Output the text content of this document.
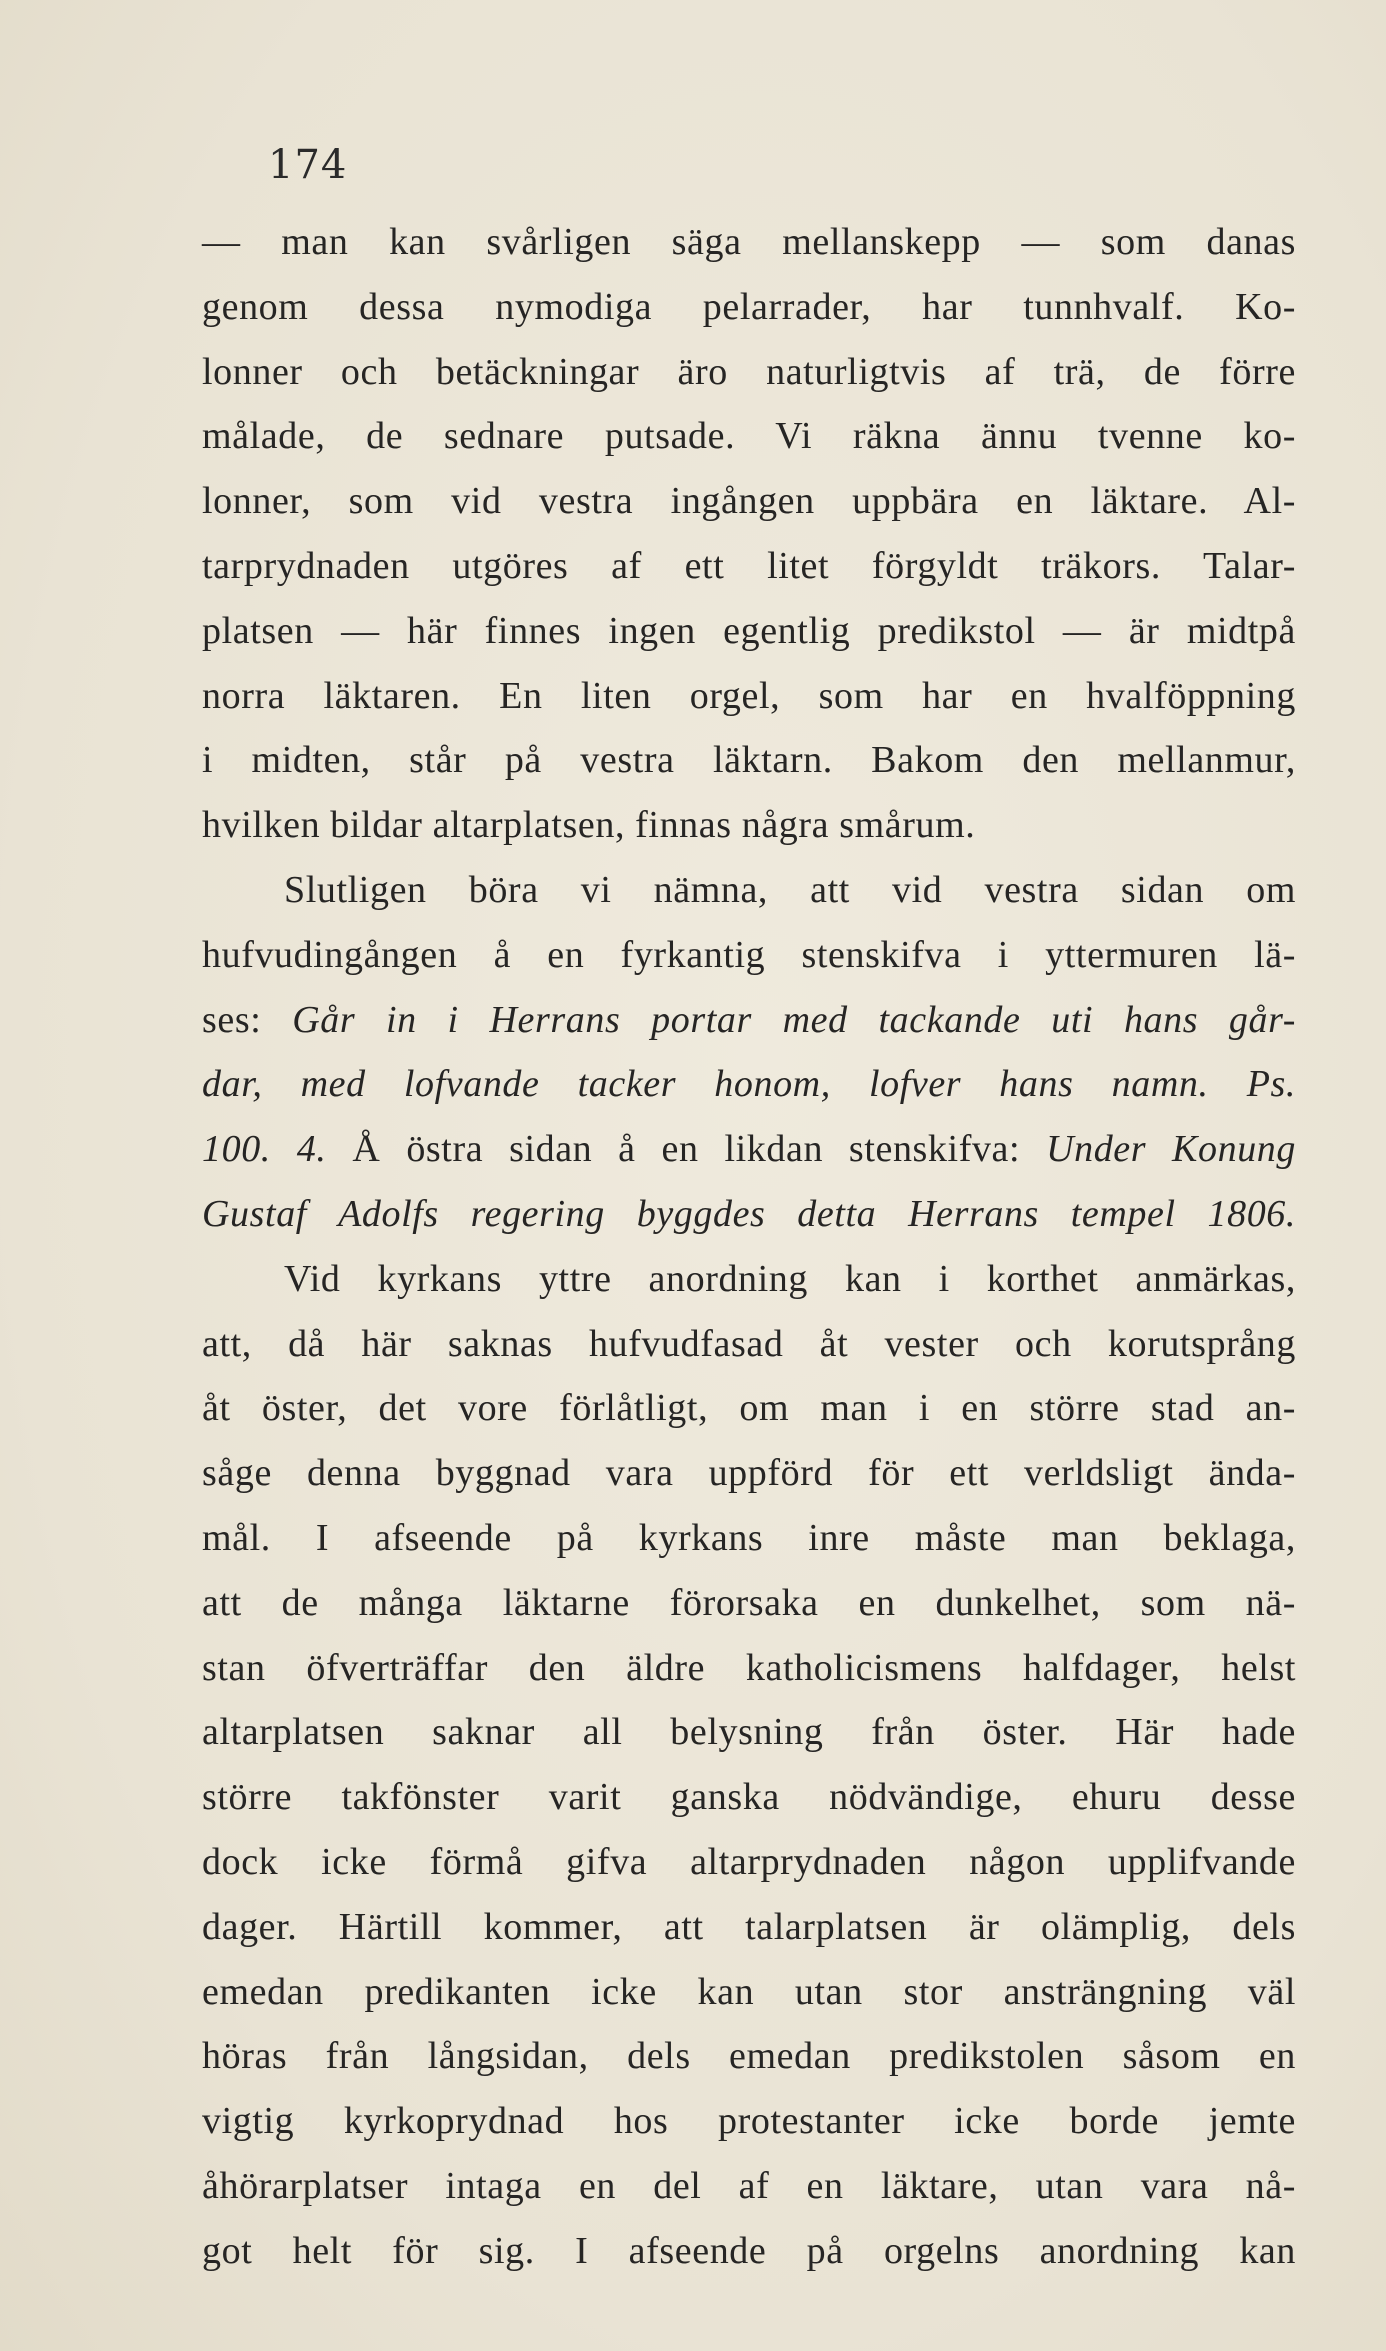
174
— man kan svårligen säga mellanskepp — som danas
genom dessa nymodiga pelarrader, har tunnhvalf. Ko-
lonner och betäckningar äro naturligtvis af trä, de förre
målade, de sednare putsade. Vi räkna ännu tvenne ko-
lonner, som vid vestra ingången uppbära en läktare. Al-
tarprydnaden utgöres af ett litet förgyldt träkors. Talar-
platsen — här finnes ingen egentlig predikstol — är midtpå
norra läktaren. En liten orgel, som har en hvalföppning
i midten, står på vestra läktarn. Bakom den mellanmur,
hvilken bildar altarplatsen, finnas några smårum.
Slutligen böra vi nämna, att vid vestra sidan om
hufvudingången å en fyrkantig stenskifva i yttermuren lä-
ses: Går in i Herrans portar med tackande uti hans går-
dar, med lofvande tacker honom, lofver hans namn. Ps.
100. 4. Å östra sidan å en likdan stenskifva: Under Konung
Gustaf Adolfs regering byggdes detta Herrans tempel 1806.
Vid kyrkans yttre anordning kan i korthet anmärkas,
att, då här saknas hufvudfasad åt vester och korutsprång
åt öster, det vore förlåtligt, om man i en större stad an-
såge denna byggnad vara uppförd för ett verldsligt ända-
mål. I afseende på kyrkans inre måste man beklaga,
att de många läktarne förorsaka en dunkelhet, som nä-
stan öfverträffar den äldre katholicismens halfdager, helst
altarplatsen saknar all belysning från öster. Här hade
större takfönster varit ganska nödvändige, ehuru desse
dock icke förmå gifva altarprydnaden någon upplifvande
dager. Härtill kommer, att talarplatsen är olämplig, dels
emedan predikanten icke kan utan stor ansträngning väl
höras från långsidan, dels emedan predikstolen såsom en
vigtig kyrkoprydnad hos protestanter icke borde jemte
åhörarplatser intaga en del af en läktare, utan vara nå-
got helt för sig. I afseende på orgelns anordning kan
